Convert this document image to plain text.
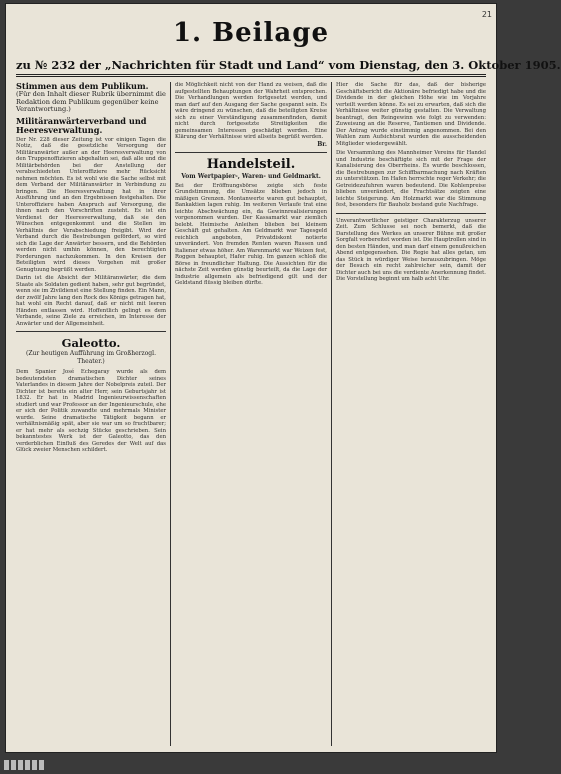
21
1. Beilage
zu № 232 der „Nachrichten für Stadt und Land“ vom Dienstag, den 3. Oktober 1905.
Stimmen aus dem Publikum.
(Für den Inhalt dieser Rubrik übernimmt die Redaktion dem Publikum gegenüber keine Verantwortung.)
Militäranwärterverband und Heeresverwaltung.
Der Nr. 228 dieser Zeitung ist vor einigen Tagen die Notiz, daß die gesetzliche Versorgung der Militäranwärter außer an der Heeresverwaltung von den Truppenoffizieren abgehalten sei, daß alle und die Militärbehörden bei der Anstellung der verabschiedeten Unteroffiziere mehr Rücksicht nehmen möchten. Es ist wohl wie die Sache selbst mit dem Verband der Militäranwärter in Verbindung zu bringen. Die Heeresverwaltung hat in ihrer Ausführung und an den Ergebnissen festgehalten. Die Unteroffiziere haben Anspruch auf Versorgung, die ihnen nach den Vorschriften zusteht. Es ist ein Verdienst der Heeresverwaltung, daß sie den Wünschen entgegenkommt und die Stellen im Verhältnis der Verabschiedung freigibt. Wird der Verband durch die Bestrebungen gefördert, so wird sich die Lage der Anwärter bessern, und die Behörden werden nicht umhin können, den berechtigten Forderungen nachzukommen. In den Kreisen der Beteiligten wird dieses Vorgehen mit großer Genugtuung begrüßt werden.
Darin ist die Absicht der Militäranwärter, die dem Staate als Soldaten gedient haben, sehr gut begründet, wenn sie im Zivildienst eine Stellung finden. Ein Mann, der zwölf Jahre lang den Rock des Königs getragen hat, hat wohl ein Recht darauf, daß er nicht mit leeren Händen entlassen wird. Hoffentlich gelingt es dem Verbande, seine Ziele zu erreichen, im Interesse der Anwärter und der Allgemeinheit.
Galeotto.
(Zur heutigen Aufführung im Großherzogl. Theater.)
Dem Spanier José Echegaray wurde als dem bedeutendsten dramatischen Dichter seines Vaterlandes in diesem Jahre der Nobelpreis zuteil. Der Dichter ist bereits ein alter Herr, sein Geburtsjahr ist 1832. Er hat in Madrid Ingenieurwissenschaften studiert und war Professor an der Ingenieurschule, ehe er sich der Politik zuwandte und mehrmals Minister wurde. Seine dramatische Tätigkeit begann er verhältnismäßig spät, aber sie war um so fruchtbarer; er hat mehr als sechzig Stücke geschrieben. Sein bekanntestes Werk ist der Galeotto, das den verderblichen Einfluß des Geredes der Welt auf das Glück zweier Menschen schildert.
die Möglichkeit nicht von der Hand zu weisen, daß die aufgestellten Behauptungen der Wahrheit entsprechen. Die Verhandlungen werden fortgesetzt werden, und man darf auf den Ausgang der Sache gespannt sein. Es wäre dringend zu wünschen, daß die beteiligten Kreise sich zu einer Verständigung zusammenfinden, damit nicht durch fortgesetzte Streitigkeiten die gemeinsamen Interessen geschädigt werden. Eine Klärung der Verhältnisse wird allseits begrüßt werden.
Br.
Handelsteil.
Vom Wertpapier-, Waren- und Geldmarkt.
Bei der Eröffnungsbörse zeigte sich feste Grundstimmung, die Umsätze blieben jedoch in mäßigen Grenzen. Montanwerte waren gut behauptet, Bankaktien lagen ruhig. Im weiteren Verlaufe trat eine leichte Abschwächung ein, da Gewinnrealisierungen vorgenommen wurden. Der Kassamarkt war ziemlich belebt. Heimische Anleihen blieben bei kleinem Geschäft gut gehalten. Am Geldmarkt war Tagesgeld reichlich angeboten, Privatdiskont notierte unverändert. Von fremden Renten waren Russen und Italiener etwas höher. Am Warenmarkt war Weizen fest, Roggen behauptet, Hafer ruhig. Im ganzen schloß die Börse in freundlicher Haltung. Die Aussichten für die nächste Zeit werden günstig beurteilt, da die Lage der Industrie allgemein als befriedigend gilt und der Geldstand flüssig bleiben dürfte.
Hier die Sache für das, daß der bisherige Geschäftsbericht die Aktionäre befriedigt habe und die Dividende in der gleichen Höhe wie im Vorjahre verteilt werden könne. Es sei zu erwarten, daß sich die Verhältnisse weiter günstig gestalten. Die Verwaltung beantragt, den Reingewinn wie folgt zu verwenden: Zuweisung an die Reserve, Tantiemen und Dividende. Der Antrag wurde einstimmig angenommen. Bei den Wahlen zum Aufsichtsrat wurden die ausscheidenden Mitglieder wiedergewählt.
Die Versammlung des Mannheimer Vereins für Handel und Industrie beschäftigte sich mit der Frage der Kanalisierung des Oberrheins. Es wurde beschlossen, die Bestrebungen zur Schiffbarmachung nach Kräften zu unterstützen. Im Hafen herrschte reger Verkehr; die Getreidezufuhren waren bedeutend. Die Kohlenpreise blieben unverändert, die Frachtsätze zeigten eine leichte Steigerung. Am Holzmarkt war die Stimmung fest, besonders für Bauholz bestand gute Nachfrage.
Unverantwortlicher geistiger Charakterzug unserer Zeit. Zum Schlusse sei noch bemerkt, daß die Darstellung des Werkes an unserer Bühne mit großer Sorgfalt vorbereitet worden ist. Die Hauptrollen sind in den besten Händen, und man darf einem genußreichen Abend entgegensehen. Die Regie hat alles getan, um das Stück in würdiger Weise herauszubringen. Möge der Besuch ein recht zahlreicher sein, damit der Dichter auch bei uns die verdiente Anerkennung findet. Die Vorstellung beginnt um halb acht Uhr.
